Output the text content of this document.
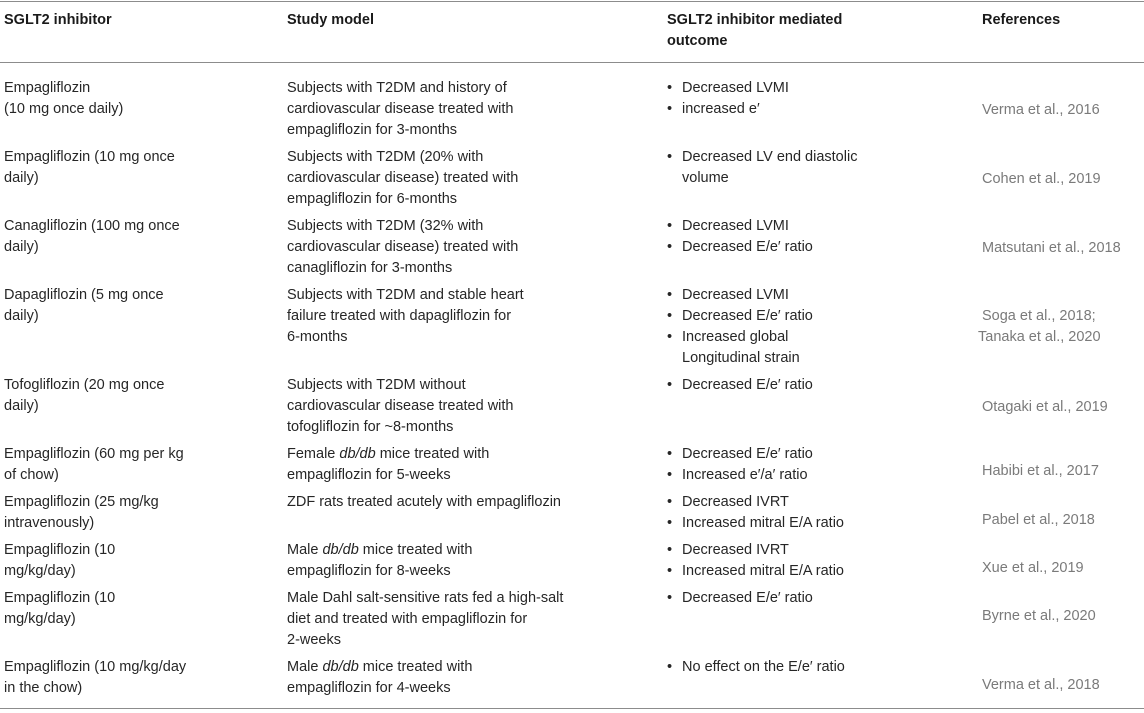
SGLT2 inhibitor	Study model	SGLT2 inhibitor mediated outcome
References
Empagliflozin
(10 mg once daily)
Subjects with T2DM and history of
cardiovascular disease treated with
empagliflozin for 3-months
• Decreased LVMI
• increased e′	Verma et al., 2016
Empagliflozin (10 mg once
daily)
Subjects with T2DM (20% with
cardiovascular disease) treated with
empagliflozin for 6-months
• Decreased LV end diastolic volume	Cohen et al., 2019
Canagliflozin (100 mg once
daily)
Subjects with T2DM (32% with
cardiovascular disease) treated with
canagliflozin for 3-months
• Decreased LVMI
• Decreased E/e′ ratio	Matsutani et al., 2018
Dapagliflozin (5 mg once
daily)
Subjects with T2DM and stable heart
failure treated with dapagliflozin for
6-months
• Decreased LVMI
• Decreased E/e′ ratio
• Increased global Longitudinal strain
Soga et al., 2018;
Tanaka et al., 2020
Tofogliflozin (20 mg once
daily)
Subjects with T2DM without
cardiovascular disease treated with
tofogliflozin for ~8-months
• Decreased E/e′ ratio
Otagaki et al., 2019
Empagliflozin (60 mg per kg
of chow)
Female db/db mice treated with
empagliflozin for 5-weeks
• Decreased E/e′ ratio
• Increased e′/a′ ratio	Habibi et al., 2017
Empagliflozin (25 mg/kg
intravenously)
ZDF rats treated acutely with empagliflozin
•	Decreased IVRT
• Increased mitral E/A ratio	Pabel et al., 2018
Empagliflozin (10
mg/kg/day)
Male db/db mice treated with
empagliflozin for 8-weeks
• Decreased IVRT
• Increased mitral E/A ratio	Xue et al., 2019
Empagliflozin (10
mg/kg/day)
Male Dahl salt-sensitive rats fed a high-salt
diet and treated with empagliflozin for
2-weeks
• Decreased E/e′ ratio
Byrne et al., 2020
Empagliflozin (10 mg/kg/day
in the chow)
Male db/db mice treated with
empagliflozin for 4-weeks
• No effect on the E/e′ ratio
Verma et al., 2018
